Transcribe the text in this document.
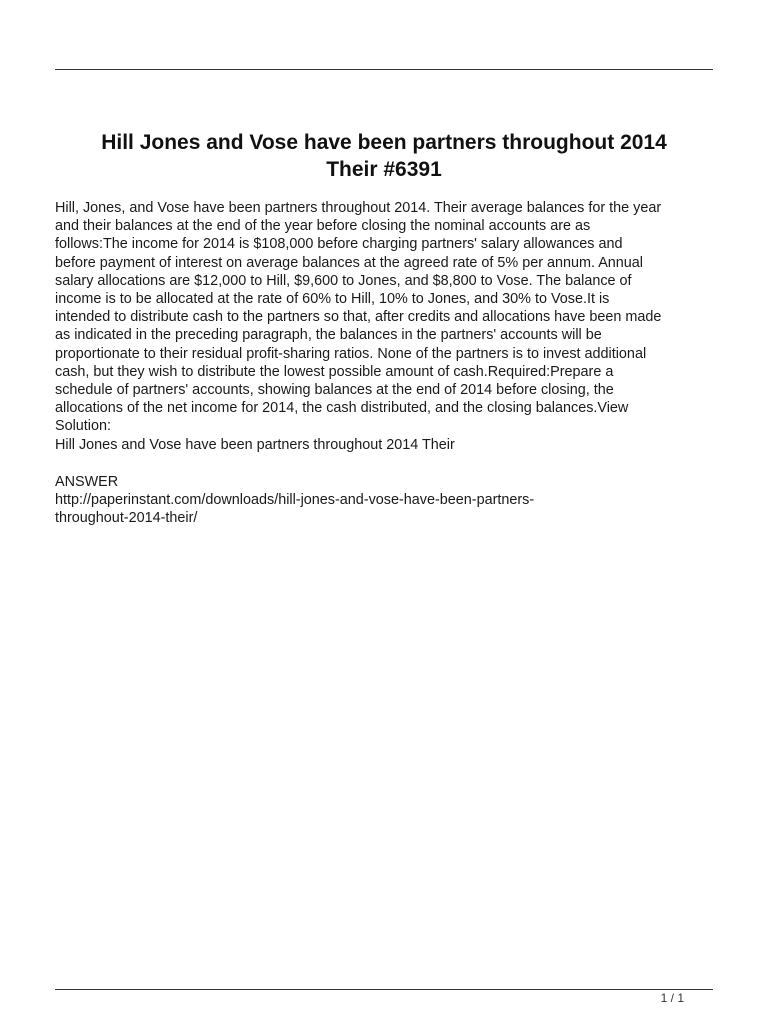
Hill Jones and Vose have been partners throughout 2014
Their #6391
Hill, Jones, and Vose have been partners throughout 2014. Their average balances for the year
and their balances at the end of the year before closing the nominal accounts are as
follows:The income for 2014 is $108,000 before charging partners' salary allowances and
before payment of interest on average balances at the agreed rate of 5% per annum. Annual
salary allocations are $12,000 to Hill, $9,600 to Jones, and $8,800 to Vose. The balance of
income is to be allocated at the rate of 60% to Hill, 10% to Jones, and 30% to Vose.It is
intended to distribute cash to the partners so that, after credits and allocations have been made
as indicated in the preceding paragraph, the balances in the partners' accounts will be
proportionate to their residual profit-sharing ratios. None of the partners is to invest additional
cash, but they wish to distribute the lowest possible amount of cash.Required:Prepare a
schedule of partners' accounts, showing balances at the end of 2014 before closing, the
allocations of the net income for 2014, the cash distributed, and the closing balances.View
Solution:
Hill Jones and Vose have been partners throughout 2014 Their
ANSWER
http://paperinstant.com/downloads/hill-jones-and-vose-have-been-partners-
throughout-2014-their/
1 / 1
